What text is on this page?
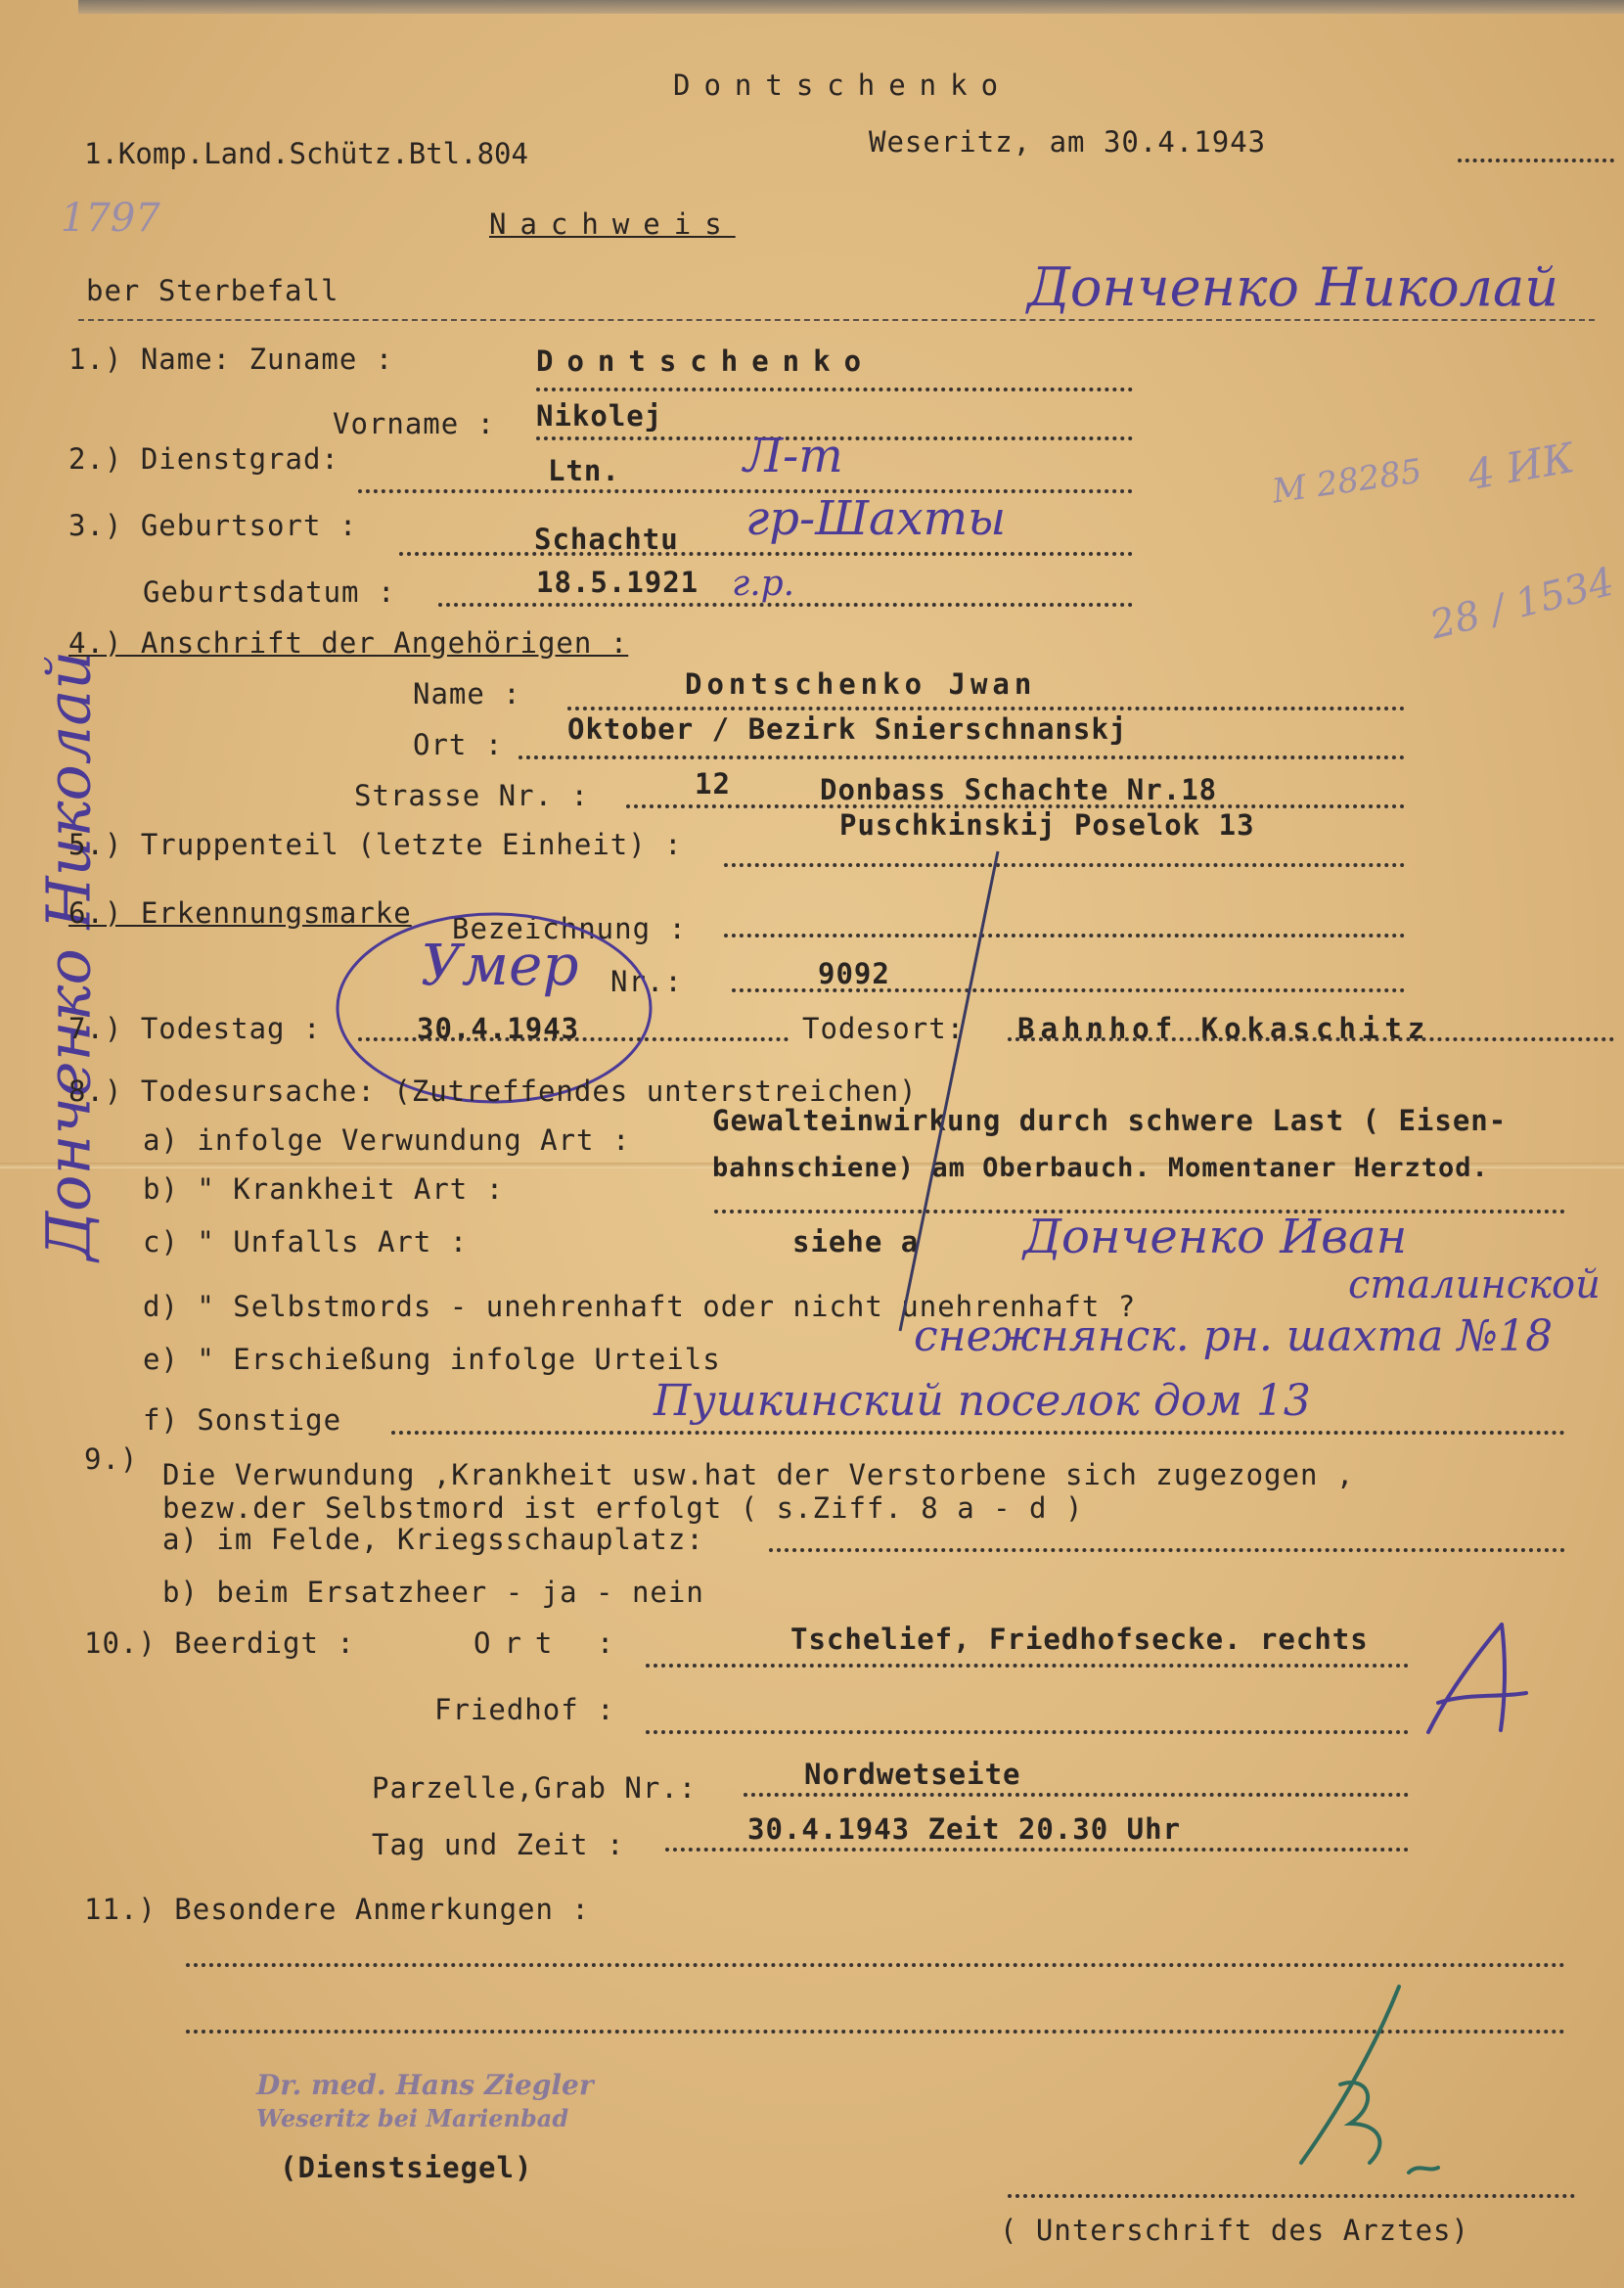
Dontschenko
1.Komp.Land.Schütz.Btl.804	Weseritz, am 30.4.1943
1797	Nachweis
ber Sterbefall	Донченко Николай
Донченко Николай
1.) Name: Zuname :	Dontschenko
Vorname : Nikolej
2.) Dienstgrad:	Ltn.	Л-т	М 28285 4 ИК
28 / 1534
3.) Geburtsort :	Schachtu гр-Шахты
Geburtsdatum :	18.5.1921 г.р.
4.) Anschrift der Angehörigen :
Name :	Dontschenko Jwan
Ort : Oktober / Bezirk Snierschnanskj
Strasse Nr. :	12	Donbass Schachte Nr.18
Puschkinskij Poselok 13
5.) Truppenteil (letzte Einheit) :
6.) Erkennungsmarke Bezeichnung :
Nr.:	9092
Умер
7.) Todestag :	30.4.1943	Todesort: Bahnhof Kokaschitz
8.) Todesursache: (Zutreffendes unterstreichen)
a) infolge Verwundung Art :
Gewalteinwirkung durch schwere Last ( Eisen-
bahnschiene) am Oberbauch. Momentaner Herztod.
b) " Krankheit Art :
c) " Unfalls Art :	siehe a Донченко Иван
d) " Selbstmords - unehrenhaft oder nicht unehrenhaft ?	сталинской
e) " Erschießung infolge Urteils	снежнянск. рн. шахта №18
f) Sonstige	Пушкинский поселок дом 13
9.) Die Verwundung ,Krankheit usw.hat der Verstorbene sich zugezogen ,
bezw.der Selbstmord ist erfolgt ( s.Ziff. 8 a - d )
a) im Felde, Kriegsschauplatz:
b) beim Ersatzheer - ja - nein
10.) Beerdigt :	Ort :	Tschelief, Friedhofsecke. rechts
Friedhof :
Parzelle,Grab Nr.:	Nordwetseite
Tag und Zeit :	30.4.1943 Zeit 20.30 Uhr
11.) Besondere Anmerkungen :
Dr. med. Hans Ziegler
Weseritz bei Marienbad
(Dienstsiegel)
( Unterschrift des Arztes)
